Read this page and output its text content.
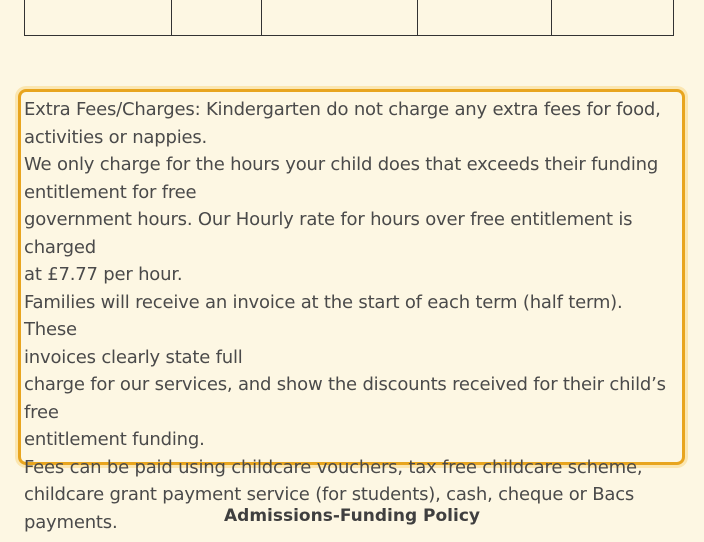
Extra Fees/Charges: Kindergarten do not charge any extra fees for food,
activities or nappies.
We only charge for the hours your child does that exceeds their funding
entitlement for free
government hours. Our Hourly rate for hours over free entitlement is charged
at £7.77 per hour.
Families will receive an invoice at the start of each term (half term). These
invoices clearly state full
charge for our services, and show the discounts received for their child’s free
entitlement funding.
Fees can be paid using childcare vouchers, tax free childcare scheme,
childcare grant payment service (for students), cash, cheque or Bacs
payments.	Admissions-Funding Policy
